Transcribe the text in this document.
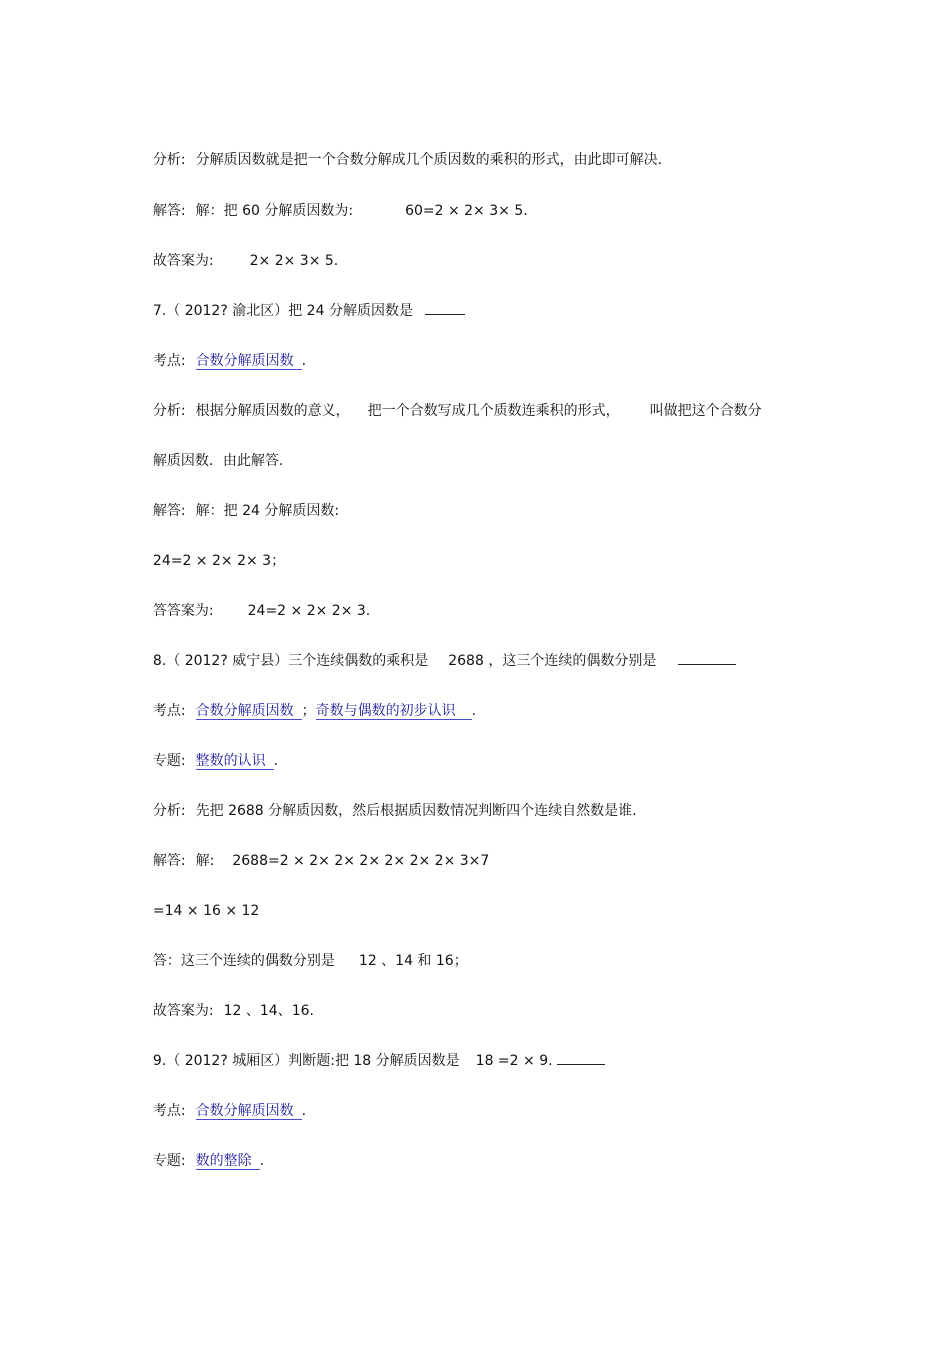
分析: 分解质因数就是把一个合数分解成几个质因数的乘积的形式，由此即可解决.

解答: 解：把 60 分解质因数为:	60=2 × 2× 3× 5.

故答案为:	2× 2× 3× 5.

7.（ 2012? 渝北区）把 24 分解质因数是

考点: 合数分解质因数 .

分析: 根据分解质因数的意义， 把一个合数写成几个质数连乘积的形式， 叫做把这个合数分

解质因数．由此解答.

解答: 解：把 24 分解质因数:

24=2 × 2× 2× 3；

答答案为: 24=2 × 2× 2× 3.

8.（ 2012? 威宁县）三个连续偶数的乘积是 2688 ，这三个连续的偶数分别是

考点: 合数分解质因数 ；奇数与偶数的初步认识 .

专题: 整数的认识 .

分析: 先把 2688 分解质因数，然后根据质因数情况判断四个连续自然数是谁.

解答: 解: 2688=2 × 2× 2× 2× 2× 2× 2× 3×7

=14 × 16 × 12

答：这三个连续的偶数分别是 12 、14 和 16；

故答案为: 12 、14、16.

9.（ 2012? 城厢区）判断题:把 18 分解质因数是 18 =2 × 9.

考点: 合数分解质因数 .

专题: 数的整除 .
